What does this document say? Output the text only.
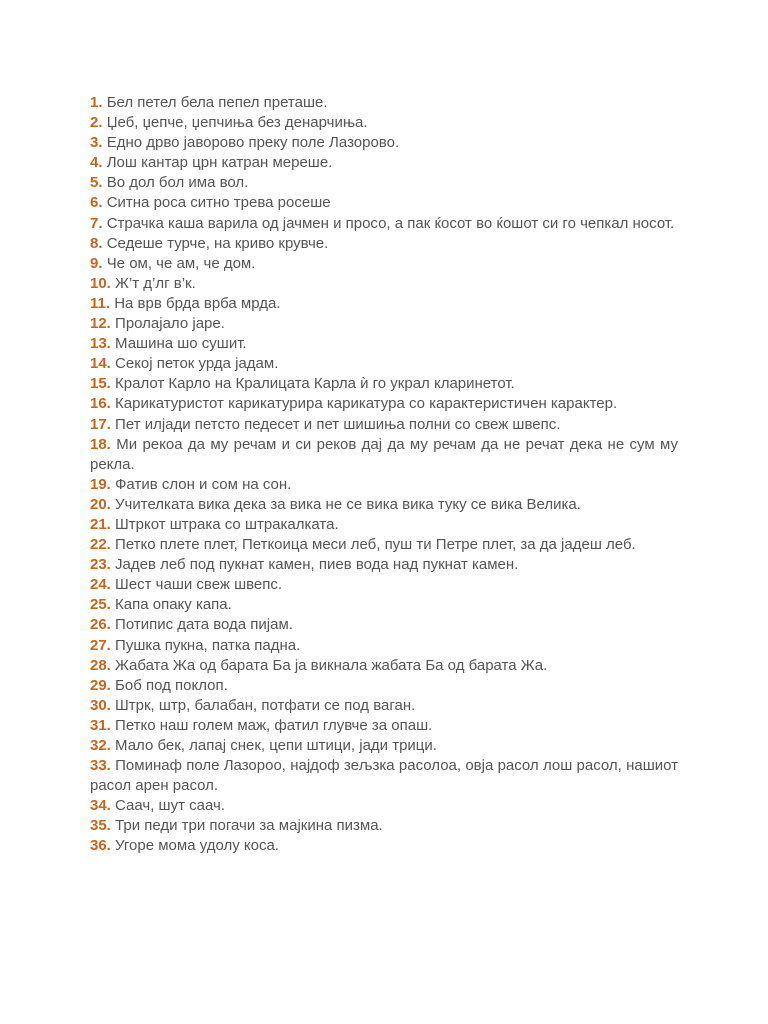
1. Бел петел бела пепел преташе.

2. Џеб, џепче, џепчиња без денарчиња.

3. Едно дрво јаворово преку поле Лазорово.

4. Лош кантар црн катран мереше.

5. Во дол бол има вол.

6. Ситна роса ситно трева росеше

7. Страчка каша варила од јачмен и просо, а пак ќосот во ќошот си го чепкал носот.

8. Седеше турче, на криво крувче.

9. Че ом, че ам, че дом.

10. Ж’т д’лг в’к.

11. На врв брда врба мрда.

12. Пролајало јаре.

13. Машина шо сушит.

14. Секој петок урда јадам.

15. Кралот Карло на Кралицата Карла ѝ го украл кларинетот.

16. Карикатуристот карикатурира карикатура со карактеристичен карактер.

17. Пет илјади петсто педесет и пет шишиња полни со свеж швепс.

18. Ми рекоа да му речам и си реков дај да му речам да не речат дека не сум му рекла.

19. Фатив слон и сом на сон.

20. Учителката вика дека за вика не се вика вика туку се вика Велика.

21. Штркот штрака со штракалката.

22. Петко плете плет, Петкоица меси леб, пуш ти Петре плет, за да јадеш леб.

23. Јадев леб под пукнат камен, пиев вода над пукнат камен.

24. Шест чаши свеж швепс.

25. Капа опаку капа.

26. Потипис дата вода пијам.

27. Пушка пукна, патка падна.

28. Жабата Жа од барата Ба ја викнала жабата Ба од барата Жа.

29. Боб под поклоп.

30. Штрк, штр, балабан, потфати се под ваган.

31. Петко наш голем маж, фатил глувче за опаш.

32. Мало бек, лапај снек, цепи штици, јади трици.

33. Поминаф поле Лазороо, најдоф зељзка расолоа, овја расол лош расол, нашиот расол арен расол.

34. Саач, шут саач.

35. Три педи три погачи за мајкина пизма.

36. Угоре мома удолу коса.
